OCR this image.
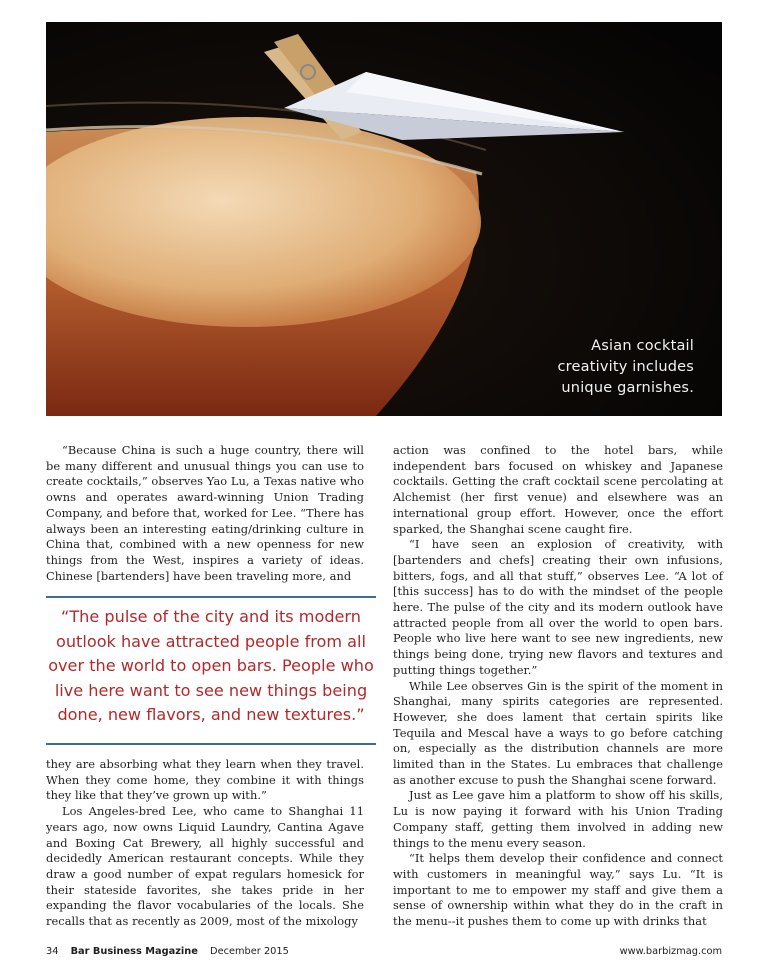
Asian cocktail
creativity includes
unique garnishes.

“Because China is such a huge country, there will be many different and unusual things you can use to create cocktails,” observes Yao Lu, a Texas native who owns and operates award-winning Union Trading Company, and before that, worked for Lee. “There has always been an interesting eating/drinking culture in China that, combined with a new openness for new things from the West, inspires a variety of ideas. Chinese [bartenders] have been traveling more, and

“The pulse of the city and its modern outlook have attracted people from all over the world to open bars. People who live here want to see new things being done, new flavors, and new textures.”

they are absorbing what they learn when they travel. When they come home, they combine it with things they like that they’ve grown up with.”

Los Angeles-bred Lee, who came to Shanghai 11 years ago, now owns Liquid Laundry, Cantina Agave and Boxing Cat Brewery, all highly successful and decidedly American restaurant concepts. While they draw a good number of expat regulars homesick for their stateside favorites, she takes pride in her expanding the flavor vocabularies of the locals. She recalls that as recently as 2009, most of the mixology

action was confined to the hotel bars, while independent bars focused on whiskey and Japanese cocktails. Getting the craft cocktail scene percolating at Alchemist (her first venue) and elsewhere was an international group effort. However, once the effort sparked, the Shanghai scene caught fire.

“I have seen an explosion of creativity, with [bartenders and chefs] creating their own infusions, bitters, fogs, and all that stuff,” observes Lee. “A lot of [this success] has to do with the mindset of the people here. The pulse of the city and its modern outlook have attracted people from all over the world to open bars. People who live here want to see new ingredients, new things being done, trying new flavors and textures and putting things together.”

While Lee observes Gin is the spirit of the moment in Shanghai, many spirits categories are represented. However, she does lament that certain spirits like Tequila and Mescal have a ways to go before catching on, especially as the distribution channels are more limited than in the States. Lu embraces that challenge as another excuse to push the Shanghai scene forward.

Just as Lee gave him a platform to show off his skills, Lu is now paying it forward with his Union Trading Company staff, getting them involved in adding new things to the menu every season.

“It helps them develop their confidence and connect with customers in meaningful way,” says Lu. “It is important to me to empower my staff and give them a sense of ownership within what they do in the craft in the menu--it pushes them to come up with drinks that

34 Bar Business Magazine December 2015	www.barbizmag.com
